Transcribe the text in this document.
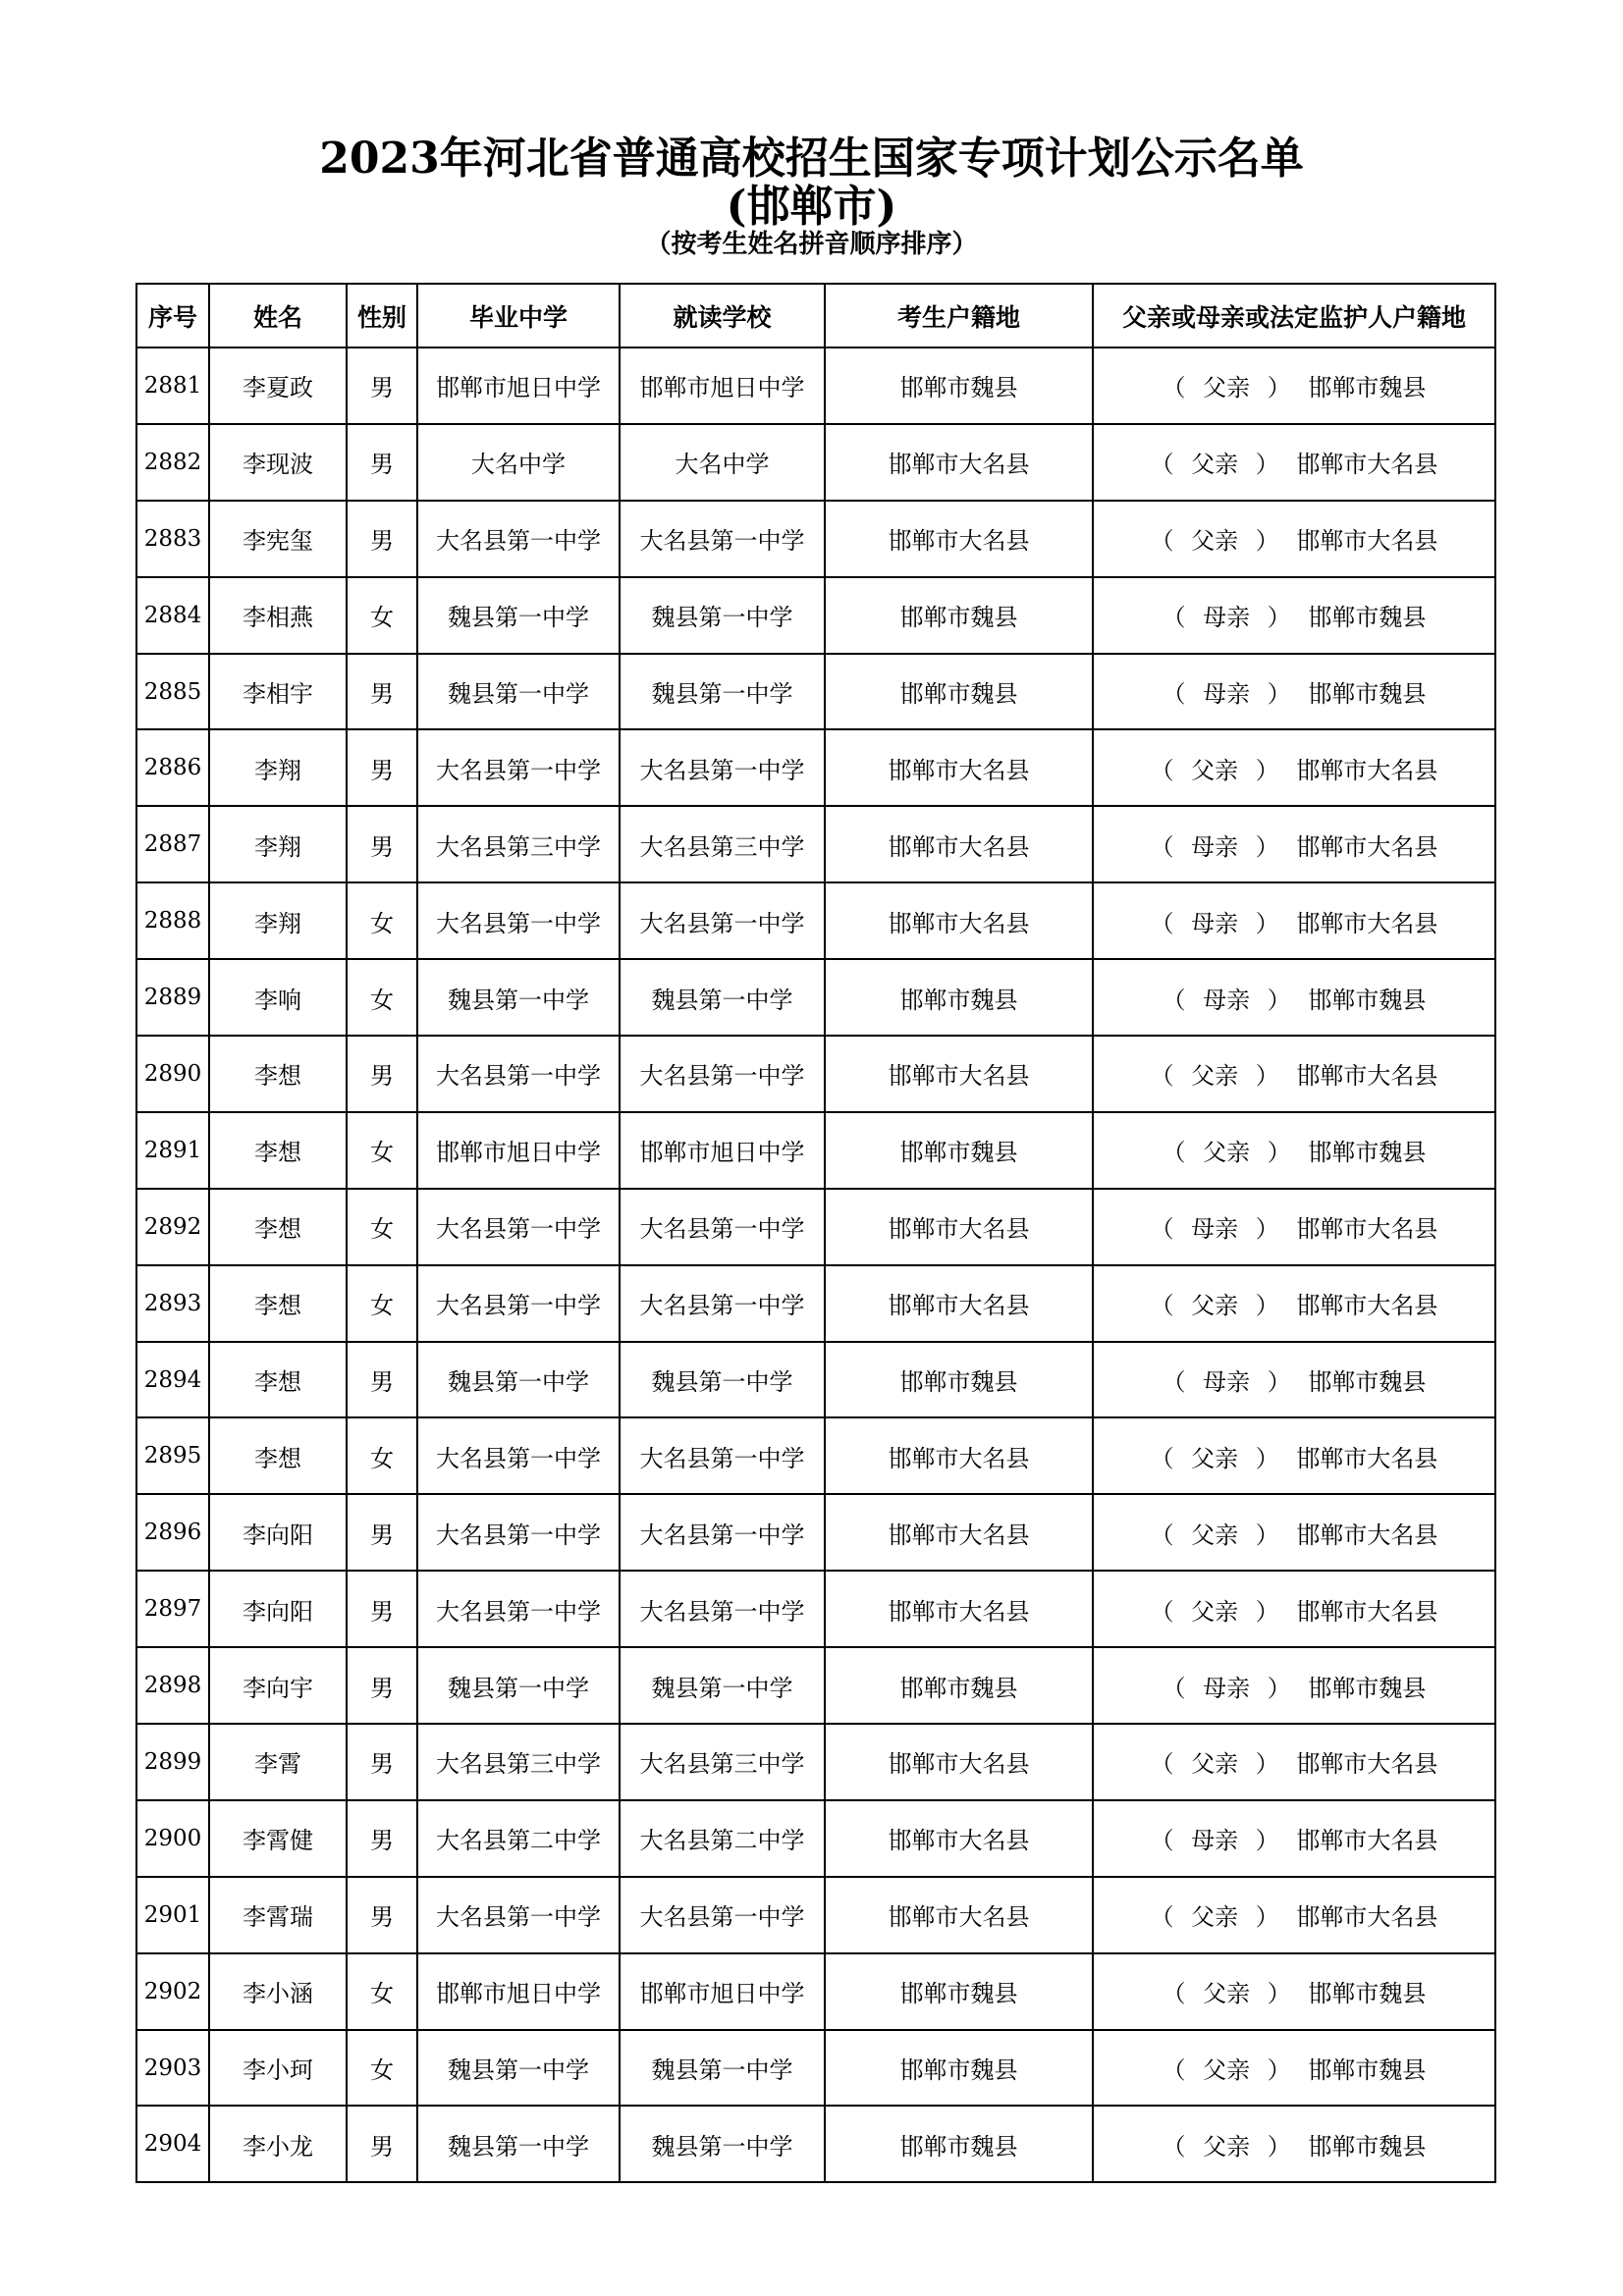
2023年河北省普通高校招生国家专项计划公示名单
(邯郸市)
（按考生姓名拼音顺序排序）
序号	姓名	性别	毕业中学	就读学校	考生户籍地	父亲或母亲或法定监护人户籍地
2881	李夏政	男	邯郸市旭日中学	邯郸市旭日中学	邯郸市魏县	（ 父亲 ） 邯郸市魏县
2882	李现波	男	大名中学	大名中学	邯郸市大名县	（ 父亲 ） 邯郸市大名县
2883	李宪玺	男	大名县第一中学	大名县第一中学	邯郸市大名县	（ 父亲 ） 邯郸市大名县
2884	李相燕	女	魏县第一中学	魏县第一中学	邯郸市魏县	（ 母亲 ） 邯郸市魏县
2885	李相宇	男	魏县第一中学	魏县第一中学	邯郸市魏县	（ 母亲 ） 邯郸市魏县
2886	李翔	男	大名县第一中学	大名县第一中学	邯郸市大名县	（ 父亲 ） 邯郸市大名县
2887	李翔	男	大名县第三中学	大名县第三中学	邯郸市大名县	（ 母亲 ） 邯郸市大名县
2888	李翔	女	大名县第一中学	大名县第一中学	邯郸市大名县	（ 母亲 ） 邯郸市大名县
2889	李响	女	魏县第一中学	魏县第一中学	邯郸市魏县	（ 母亲 ） 邯郸市魏县
2890	李想	男	大名县第一中学	大名县第一中学	邯郸市大名县	（ 父亲 ） 邯郸市大名县
2891	李想	女	邯郸市旭日中学	邯郸市旭日中学	邯郸市魏县	（ 父亲 ） 邯郸市魏县
2892	李想	女	大名县第一中学	大名县第一中学	邯郸市大名县	（ 母亲 ） 邯郸市大名县
2893	李想	女	大名县第一中学	大名县第一中学	邯郸市大名县	（ 父亲 ） 邯郸市大名县
2894	李想	男	魏县第一中学	魏县第一中学	邯郸市魏县	（ 母亲 ） 邯郸市魏县
2895	李想	女	大名县第一中学	大名县第一中学	邯郸市大名县	（ 父亲 ） 邯郸市大名县
2896	李向阳	男	大名县第一中学	大名县第一中学	邯郸市大名县	（ 父亲 ） 邯郸市大名县
2897	李向阳	男	大名县第一中学	大名县第一中学	邯郸市大名县	（ 父亲 ） 邯郸市大名县
2898	李向宇	男	魏县第一中学	魏县第一中学	邯郸市魏县	（ 母亲 ） 邯郸市魏县
2899	李霄	男	大名县第三中学	大名县第三中学	邯郸市大名县	（ 父亲 ） 邯郸市大名县
2900	李霄健	男	大名县第二中学	大名县第二中学	邯郸市大名县	（ 母亲 ） 邯郸市大名县
2901	李霄瑞	男	大名县第一中学	大名县第一中学	邯郸市大名县	（ 父亲 ） 邯郸市大名县
2902	李小涵	女	邯郸市旭日中学	邯郸市旭日中学	邯郸市魏县	（ 父亲 ） 邯郸市魏县
2903	李小珂	女	魏县第一中学	魏县第一中学	邯郸市魏县	（ 父亲 ） 邯郸市魏县
2904	李小龙	男	魏县第一中学	魏县第一中学	邯郸市魏县	（ 父亲 ） 邯郸市魏县
